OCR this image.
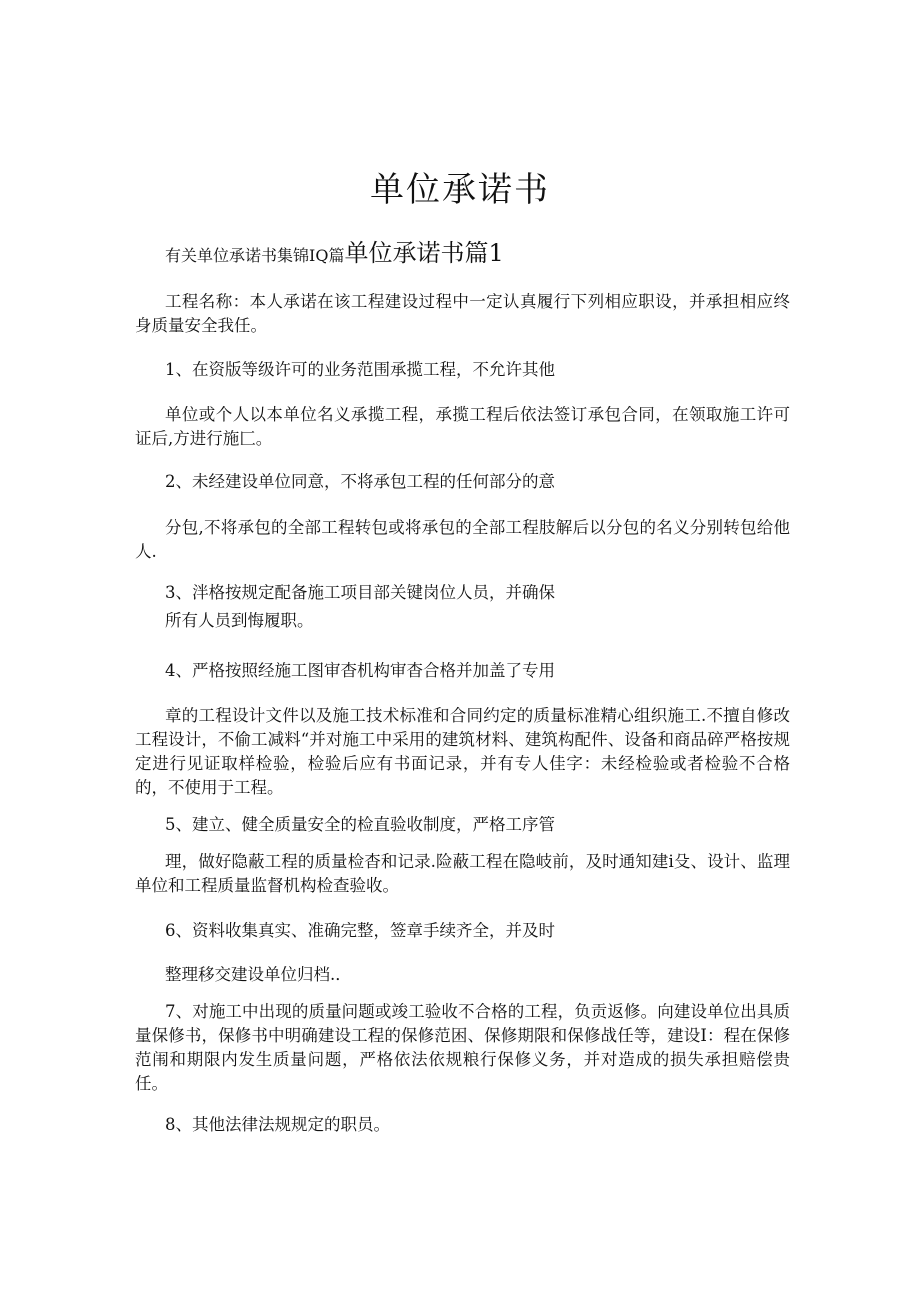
单位承诺书
有关单位承诺书集锦IQ篇单位承诺书篇1
工程名称：本人承诺在该工程建设过程中一定认真履行下列相应职设，并承担相应终身质量安全我任。
1、在资版等级许可的业务范围承揽工程，不允许其他
单位或个人以本单位名义承揽工程，承揽工程后依法签订承包合同，在领取施工许可证后,方进行施匚。
2、未经建设单位同意，不将承包工程的任何部分的意
分包,不将承包的全部工程转包或将承包的全部工程肢解后以分包的名义分别转包给他人.
3、泮格按规定配备施工项目部关键岗位人员，并确保
所有人员到悔履职。
4、严格按照经施工图审杳机构审杳合格并加盖了专用
章的工程设计文件以及施工技术标准和合同约定的质量标准精心组织施工.不擅自修改工程设计，不偷工减料“并对施工中采用的建筑材料、建筑构配件、设备和商品碎严格按规定进行见证取样检验，检验后应有书面记录，并有专人佳字：未经检验或者检验不合格的，不使用于工程。
5、建立、健全质量安全的检直验收制度，严格工序管
理，做好隐蔽工程的质量检杳和记录.险蔽工程在隐岐前，及时通知建i殳、设计、监理单位和工程质量监督机构检查验收。
6、资料收集真实、准确完整，签章手续齐全，并及时
整理移交建设单位归档.．
7、对施工中出现的质量问题或竣工验收不合格的工程，负贡返修。向建设单位出具质量保修书，保修书中明确建设工程的保修范困、保修期限和保修战任等，建设I：程在保修范闱和期限内发生质量问题，严格依法依规粮行保修义务，并对造成的损失承担赔偿贵任。
8、其他法律法规规定的职员。
